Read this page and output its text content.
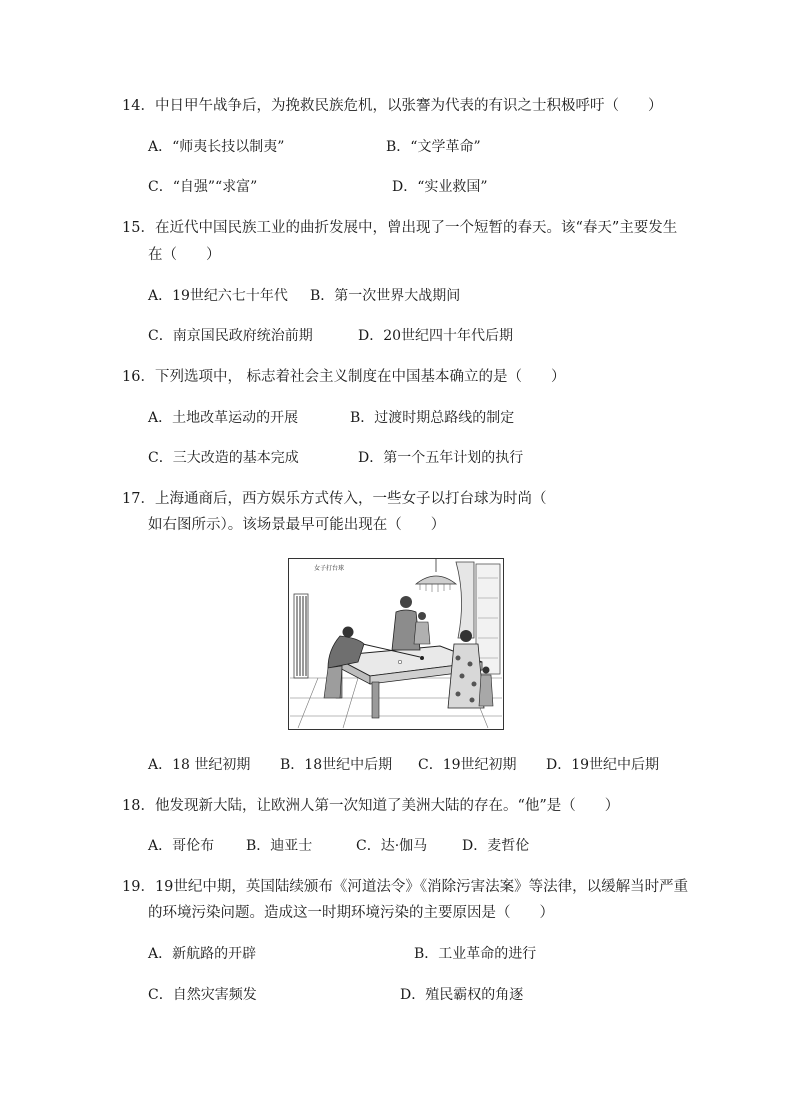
14．中日甲午战争后，为挽救民族危机，以张謇为代表的有识之士积极呼吁（　　）
A．“师夷长技以制夷”	B．“文学革命”
C．“自强”“求富”	D．“实业救国”
15．在近代中国民族工业的曲折发展中，曾出现了一个短暂的春天。该“春天”主要发生
在（　　）
A．19世纪六七十年代 B．第一次世界大战期间
C．南京国民政府统治前期	D．20世纪四十年代后期
16．下列选项中， 标志着社会主义制度在中国基本确立的是（　　）
A．土地改革运动的开展	B．过渡时期总路线的制定
C．三大改造的基本完成	D．第一个五年计划的执行
17．上海通商后，西方娱乐方式传入，一些女子以打台球为时尚（
如右图所示）。该场景最早可能出现在（　　）
女子打台球
A．18 世纪初期 B．18世纪中后期 C．19世纪初期 D．19世纪中后期
18．他发现新大陆，让欧洲人第一次知道了美洲大陆的存在。“他”是（　　）
A．哥伦布 B．迪亚士	C．达·伽马 D．麦哲伦
19．19世纪中期，英国陆续颁布《河道法令》《消除污害法案》等法律，以缓解当时严重
的环境污染问题。造成这一时期环境污染的主要原因是（　　）
A．新航路的开辟	B．工业革命的进行
C．自然灾害频发	D．殖民霸权的角逐
